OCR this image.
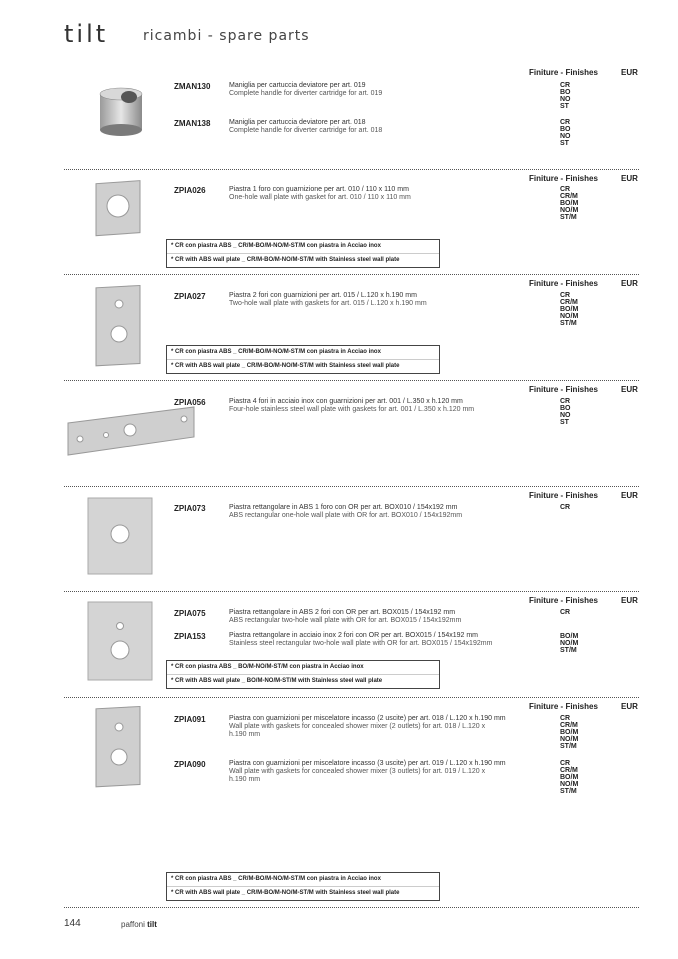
tilt ricambi - spare parts
Finiture - Finishes	EUR
ZMAN130	Maniglia per cartuccia deviatore per art. 019
Complete handle for diverter cartridge for art. 019
CR
BO
NO
ST
ZMAN138	Maniglia per cartuccia deviatore per art. 018
Complete handle for diverter cartridge for art. 018
CR
BO
NO
ST
Finiture - Finishes	EUR
ZPIA026	Piastra 1 foro con guarnizione per art. 010 / 110 x 110 mm
One-hole wall plate with gasket for art. 010 / 110 x 110 mm
CR
CR/M
BO/M
NO/M
ST/M
* CR con piastra ABS _ CR/M-BO/M-NO/M-ST/M con piastra in Acciao inox
* CR with ABS wall plate _ CR/M-BO/M-NO/M-ST/M with Stainless steel wall plate
Finiture - Finishes	EUR
ZPIA027	Piastra 2 fori con guarnizioni per art. 015 / L.120 x h.190 mm
Two-hole wall plate with gaskets for art. 015 / L.120 x h.190 mm
CR
CR/M
BO/M
NO/M
ST/M
* CR con piastra ABS _ CR/M-BO/M-NO/M-ST/M con piastra in Acciao inox
* CR with ABS wall plate _ CR/M-BO/M-NO/M-ST/M with Stainless steel wall plate
Finiture - Finishes	EUR
ZPIA056	Piastra 4 fori in acciaio inox con guarnizioni per art. 001 / L.350 x h.120 mm
Four-hole stainless steel wall plate with gaskets for art. 001 / L.350 x h.120 mm
CR
BO
NO
ST
Finiture - Finishes	EUR
ZPIA073	Piastra rettangolare in ABS 1 foro con OR per art. BOX010 / 154x192 mm
ABS rectangular one-hole wall plate with OR for art. BOX010 / 154x192mm
CR
Finiture - Finishes	EUR
ZPIA075	Piastra rettangolare in ABS 2 fori con OR per art. BOX015 / 154x192 mm
ABS rectangular two-hole wall plate with OR for art. BOX015 / 154x192mm
CR
ZPIA153	Piastra rettangolare in acciaio inox 2 fori con OR per art. BOX015 / 154x192 mm
Stainless steel rectangular two-hole wall plate with OR for art. BOX015 / 154x192mm
BO/M
NO/M
ST/M
* CR con piastra ABS _ BO/M-NO/M-ST/M con piastra in Acciao inox
* CR with ABS wall plate _ BO/M-NO/M-ST/M with Stainless steel wall plate
Finiture - Finishes	EUR
ZPIA091	Piastra con guarnizioni per miscelatore incasso (2 uscite) per art. 018 / L.120 x h.190 mm
Wall plate with gaskets for concealed shower mixer (2 outlets) for art. 018 / L.120 x h.190 mm
CR
CR/M
BO/M
NO/M
ST/M
ZPIA090	Piastra con guarnizioni per miscelatore incasso (3 uscite) per art. 019 / L.120 x h.190 mm
Wall plate with gaskets for concealed shower mixer (3 outlets) for art. 019 / L.120 x h.190 mm
CR
CR/M
BO/M
NO/M
ST/M
* CR con piastra ABS _ CR/M-BO/M-NO/M-ST/M con piastra in Acciao inox
* CR with ABS wall plate _ CR/M-BO/M-NO/M-ST/M with Stainless steel wall plate
144	paffoni tilt
